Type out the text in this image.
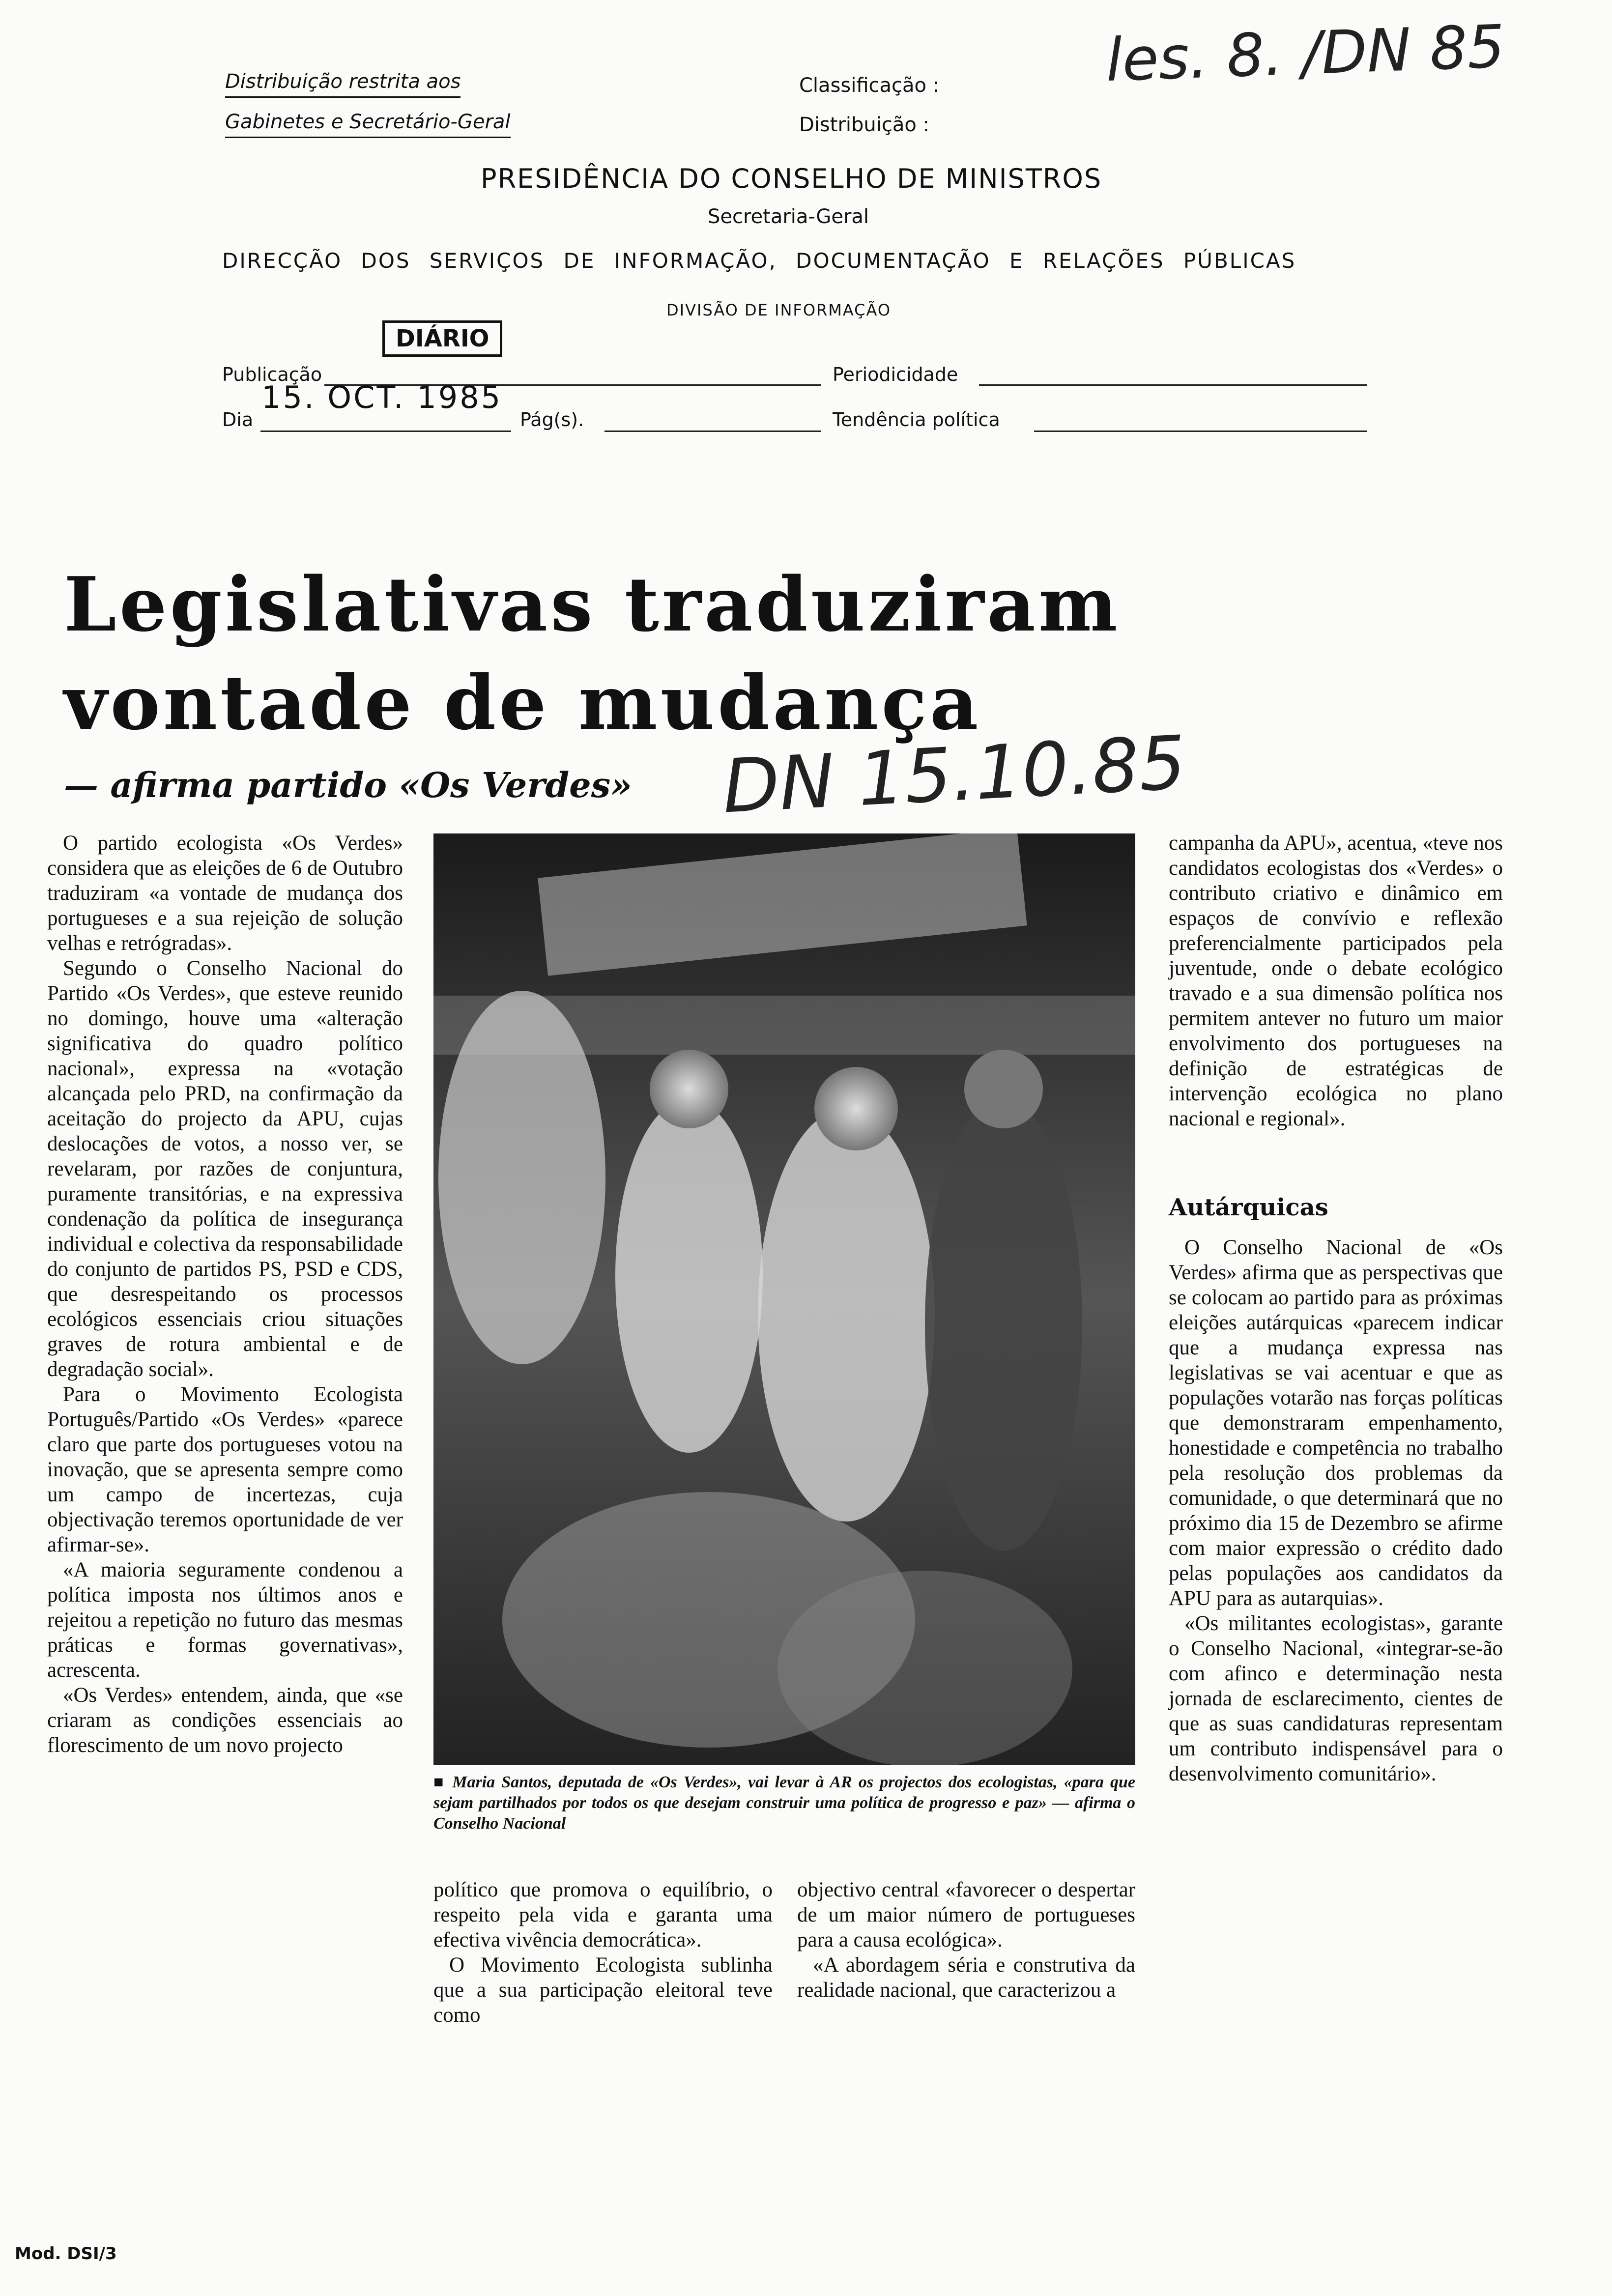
Distribuição restrita aos
Gabinetes e Secretário-Geral
Classificação :
Distribuição :
les. 8. /DN 85
PRESIDÊNCIA DO CONSELHO DE MINISTROS
Secretaria-Geral
DIRECÇÃO DOS SERVIÇOS DE INFORMAÇÃO, DOCUMENTAÇÃO E RELAÇÕES PÚBLICAS
DIVISÃO DE INFORMAÇÃO
DIÁRIO
Publicação	Periodicidade
15. OCT. 1985
Dia	Pág(s).	Tendência política
Legislativas traduziram
vontade de mudança
— afirma partido «Os Verdes» DN 15.10.85

O partido ecologista «Os Verdes» considera que as eleições de 6 de Outubro traduziram «a vontade de mudança dos portugueses e a sua rejeição de solução velhas e retrógradas».

Segundo o Conselho Nacional do Partido «Os Verdes», que esteve reunido no domingo, houve uma «alteração significativa do quadro político nacional», expressa na «votação alcançada pelo PRD, na confirmação da aceitação do projecto da APU, cujas deslocações de votos, a nosso ver, se revelaram, por razões de conjuntura, puramente transitórias, e na expressiva condenação da política de insegurança individual e colectiva da responsabilidade do conjunto de partidos PS, PSD e CDS, que desrespeitando os processos ecológicos essenciais criou situações graves de rotura ambiental e de degradação social».

Para o Movimento Ecologista Português/Partido «Os Verdes» «parece claro que parte dos portugueses votou na inovação, que se apresenta sempre como um campo de incertezas, cuja objectivação teremos oportunidade de ver afirmar-se».

«A maioria seguramente condenou a política imposta nos últimos anos e rejeitou a repetição no futuro das mesmas práticas e formas governativas», acrescenta.

«Os Verdes» entendem, ainda, que «se criaram as condições essenciais ao florescimento de um novo projecto

■ Maria Santos, deputada de «Os Verdes», vai levar à AR os projectos dos ecologistas, «para que sejam partilhados por todos os que desejam construir uma política de progresso e paz» — afirma o Conselho Nacional

político que promova o equilíbrio, o respeito pela vida e garanta uma efectiva vivência democrática».

O Movimento Ecologista sublinha que a sua participação eleitoral teve como

objectivo central «favorecer o despertar de um maior número de portugueses para a causa ecológica».

«A abordagem séria e construtiva da realidade nacional, que caracterizou a

campanha da APU», acentua, «teve nos candidatos ecologistas dos «Verdes» o contributo criativo e dinâmico em espaços de convívio e reflexão preferencialmente participados pela juventude, onde o debate ecológico travado e a sua dimensão política nos permitem antever no futuro um maior envolvimento dos portugueses na definição de estratégicas de intervenção ecológica no plano nacional e regional».

Autárquicas

O Conselho Nacional de «Os Verdes» afirma que as perspectivas que se colocam ao partido para as próximas eleições autárquicas «parecem indicar que a mudança expressa nas legislativas se vai acentuar e que as populações votarão nas forças políticas que demonstraram empenhamento, honestidade e competência no trabalho pela resolução dos problemas da comunidade, o que determinará que no próximo dia 15 de Dezembro se afirme com maior expressão o crédito dado pelas populações aos candidatos da APU para as autarquias».

«Os militantes ecologistas», garante o Conselho Nacional, «integrar-se-ão com afinco e determinação nesta jornada de esclarecimento, cientes de que as suas candidaturas representam um contributo indispensável para o desenvolvimento comunitário».

Mod. DSI/3
